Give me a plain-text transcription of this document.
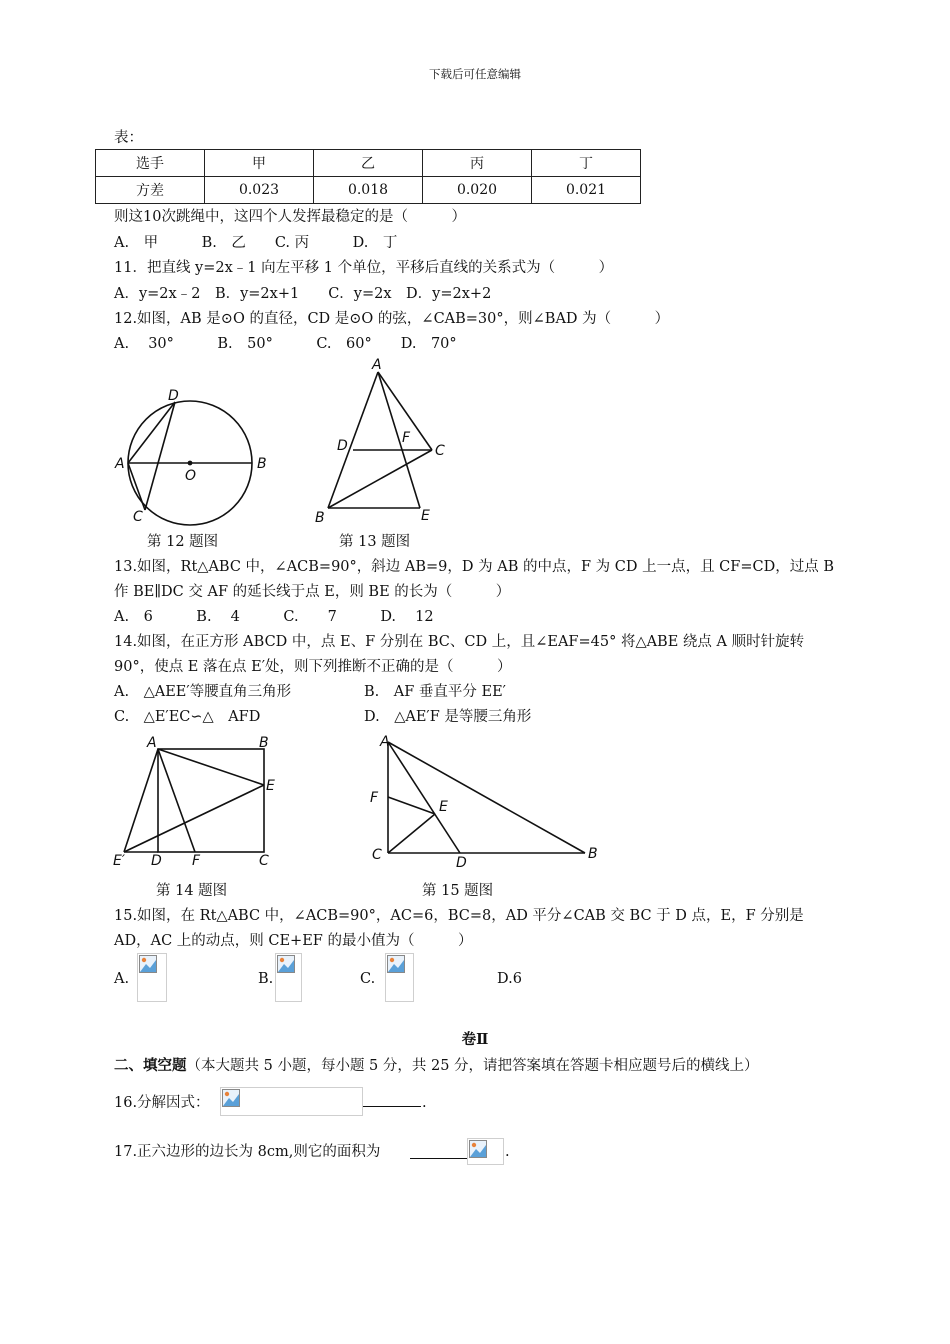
下载后可任意编辑
表：
选手	甲	乙	丙	丁
方差	0.023	0.018	0.020	0.021
则这10次跳绳中，这四个人发挥最稳定的是（　　　）
A.　甲　　　B.　乙　　C. 丙　　　D.　丁
11．把直线 y=2x﹣1 向左平移 1 个单位，平移后直线的关系式为（　　　）
A．y=2x﹣2　B．y=2x+1　　C．y=2x　D．y=2x+2
12.如图，AB 是⊙O 的直径，CD 是⊙O 的弦，∠CAB=30°，则∠BAD 为（　　　）
A.　 30°　　　B.　50°　　　C.　60°　　D.　70°
D
A	B
O
C
A
D	F
C
B	E
第 12 题图	第 13 题图
13.如图，Rt△ABC 中，∠ACB=90°，斜边 AB=9，D 为 AB 的中点，F 为 CD 上一点，且 CF=CD，过点 B
作 BE∥DC 交 AF 的延长线于点 E，则 BE 的长为（　　　）
A.　6　　　B.　 4　　　C.　　7　　　D.　 12
14.如图，在正方形 ABCD 中，点 E、F 分别在 BC、CD 上，且∠EAF=45° 将△ABE 绕点 A 顺时针旋转
90°，使点 E 落在点 E′处，则下列推断不正确的是（　　　）
A.　△AEE′等腰直角三角形	B.　AF 垂直平分 EE′
C.　△E′EC∽△　AFD	D.　△AE′F 是等腰三角形
A	B
E
E′ D F	C
A
F
E
C	D
B
第 14 题图	第 15 题图
15.如图，在 Rt△ABC 中，∠ACB=90°，AC=6，BC=8，AD 平分∠CAB 交 BC 于 D 点，E，F 分别是
AD，AC 上的动点，则 CE+EF 的最小值为（　　　）
A.	B.	C.	D.6
卷Ⅱ
二、填空题（本大题共 5 小题，每小题 5 分，共 25 分，请把答案填在答题卡相应题号后的横线上）
16.分解因式：	.
17.正六边形的边长为 8cm,则它的面积为	.
